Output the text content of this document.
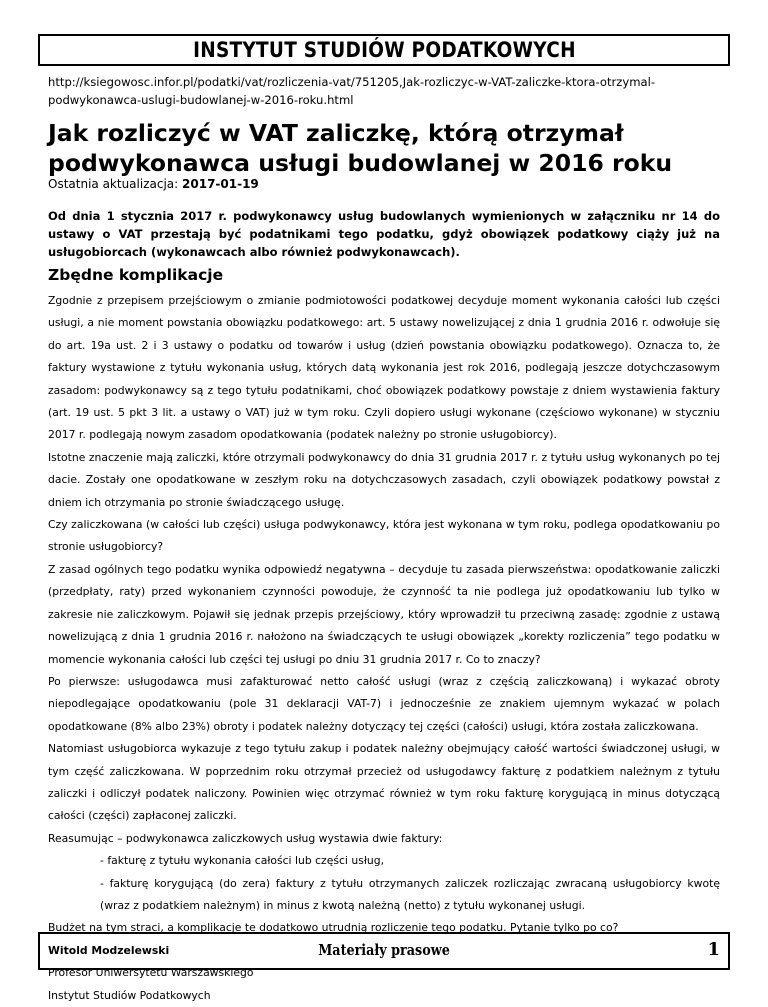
INSTYTUT STUDIÓW PODATKOWYCH
http://ksiegowosc.infor.pl/podatki/vat/rozliczenia-vat/751205,Jak-rozliczyc-w-VAT-zaliczke-ktora-otrzymal-podwykonawca-uslugi-budowlanej-w-2016-roku.html
Jak rozliczyć w VAT zaliczkę, którą otrzymał podwykonawca usługi budowlanej w 2016 roku
Ostatnia aktualizacja: 2017-01-19
Od dnia 1 stycznia 2017 r. podwykonawcy usług budowlanych wymienionych w załączniku nr 14 do ustawy o VAT przestają być podatnikami tego podatku, gdyż obowiązek podatkowy ciąży już na usługobiorcach (wykonawcach albo również podwykonawcach).
Zbędne komplikacje

Zgodnie z przepisem przejściowym o zmianie podmiotowości podatkowej decyduje moment wykonania całości lub części usługi, a nie moment powstania obowiązku podatkowego: art. 5 ustawy nowelizującej z dnia 1 grudnia 2016 r. odwołuje się do art. 19a ust. 2 i 3 ustawy o podatku od towarów i usług (dzień powstania obowiązku podatkowego). Oznacza to, że faktury wystawione z tytułu wykonania usług, których datą wykonania jest rok 2016, podlegają jeszcze dotychczasowym zasadom: podwykonawcy są z tego tytułu podatnikami, choć obowiązek podatkowy powstaje z dniem wystawienia faktury (art. 19 ust. 5 pkt 3 lit. a ustawy o VAT) już w tym roku. Czyli dopiero usługi wykonane (częściowo wykonane) w styczniu 2017 r. podlegają nowym zasadom opodatkowania (podatek należny po stronie usługobiorcy).

Istotne znaczenie mają zaliczki, które otrzymali podwykonawcy do dnia 31 grudnia 2017 r. z tytułu usług wykonanych po tej dacie. Zostały one opodatkowane w zeszłym roku na dotychczasowych zasadach, czyli obowiązek podatkowy powstał z dniem ich otrzymania po stronie świadczącego usługę.

Czy zaliczkowana (w całości lub części) usługa podwykonawcy, która jest wykonana w tym roku, podlega opodatkowaniu po stronie usługobiorcy?

Z zasad ogólnych tego podatku wynika odpowiedź negatywna – decyduje tu zasada pierwszeństwa: opodatkowanie zaliczki (przedpłaty, raty) przed wykonaniem czynności powoduje, że czynność ta nie podlega już opodatkowaniu lub tylko w zakresie nie zaliczkowym. Pojawił się jednak przepis przejściowy, który wprowadził tu przeciwną zasadę: zgodnie z ustawą nowelizującą z dnia 1 grudnia 2016 r. nałożono na świadczących te usługi obowiązek „korekty rozliczenia” tego podatku w momencie wykonania całości lub części tej usługi po dniu 31 grudnia 2017 r. Co to znaczy?

Po pierwsze: usługodawca musi zafakturować netto całość usługi (wraz z częścią zaliczkowaną) i wykazać obroty niepodlegające opodatkowaniu (pole 31 deklaracji VAT-7) i jednocześnie ze znakiem ujemnym wykazać w polach opodatkowane (8% albo 23%) obroty i podatek należny dotyczący tej części (całości) usługi, która została zaliczkowana.

Natomiast usługobiorca wykazuje z tego tytułu zakup i podatek należny obejmujący całość wartości świadczonej usługi, w tym część zaliczkowana. W poprzednim roku otrzymał przecież od usługodawcy fakturę z podatkiem należnym z tytułu zaliczki i odliczył podatek naliczony. Powinien więc otrzymać również w tym roku fakturę korygującą in minus dotyczącą całości (części) zapłaconej zaliczki.

Reasumując – podwykonawca zaliczkowych usług wystawia dwie faktury:

- fakturę z tytułu wykonania całości lub części usług,

- fakturę korygującą (do zera) faktury z tytułu otrzymanych zaliczek rozliczając zwracaną usługobiorcy kwotę (wraz z podatkiem należnym) in minus z kwotą należną (netto) z tytułu wykonanej usługi.

Budżet na tym straci, a komplikacje te dodatkowo utrudnią rozliczenie tego podatku. Pytanie tylko po co?

Witold Modzelewski

Profesor Uniwersytetu Warszawskiego

Instytut Studiów Podatkowych

Materiały prasowe	1
